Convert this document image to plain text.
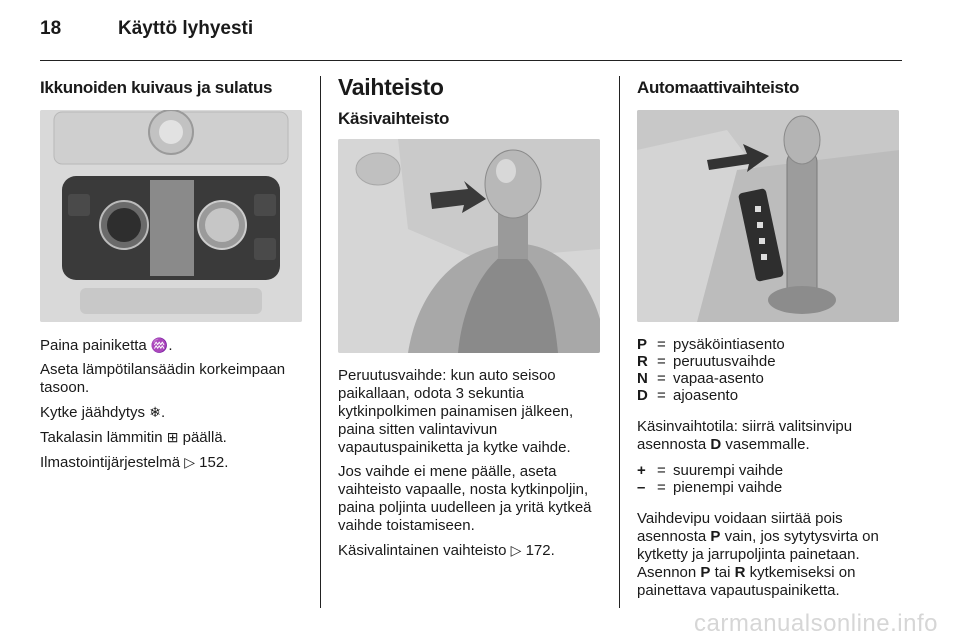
18	Käyttö lyhyesti
Ikkunoiden kuivaus ja sulatus

Paina painiketta ♒.

Aseta lämpötilansäädin korkeimpaan tasoon.

Kytke jäähdytys ❄.

Takalasin lämmitin ⊞ päällä.

Ilmastointijärjestelmä ▷ 152.

Vaihteisto
Käsivaihteisto

Peruutusvaihde: kun auto seisoo paikallaan, odota 3 sekuntia kytkinpolkimen painamisen jälkeen, paina sitten valintavivun vapautuspainiketta ja kytke vaihde.

Jos vaihde ei mene päälle, aseta vaihteisto vapaalle, nosta kytkinpoljin, paina poljinta uudelleen ja yritä kytkeä vaihde toistamiseen.

Käsivalintainen vaihteisto ▷ 172.

Automaattivaihteisto
P = pysäköintiasento
R = peruutusvaihde
N = vapaa-asento
D = ajoasento

Käsinvaihtotila: siirrä valitsinvipu asennosta D vasemmalle.

+ = suurempi vaihde
– = pienempi vaihde

Vaihdevipu voidaan siirtää pois asennosta P vain, jos sytytysvirta on kytketty ja jarrupoljinta painetaan. Asennon P tai R kytkemiseksi on painettava vapautuspainiketta.

carmanualsonline.info
